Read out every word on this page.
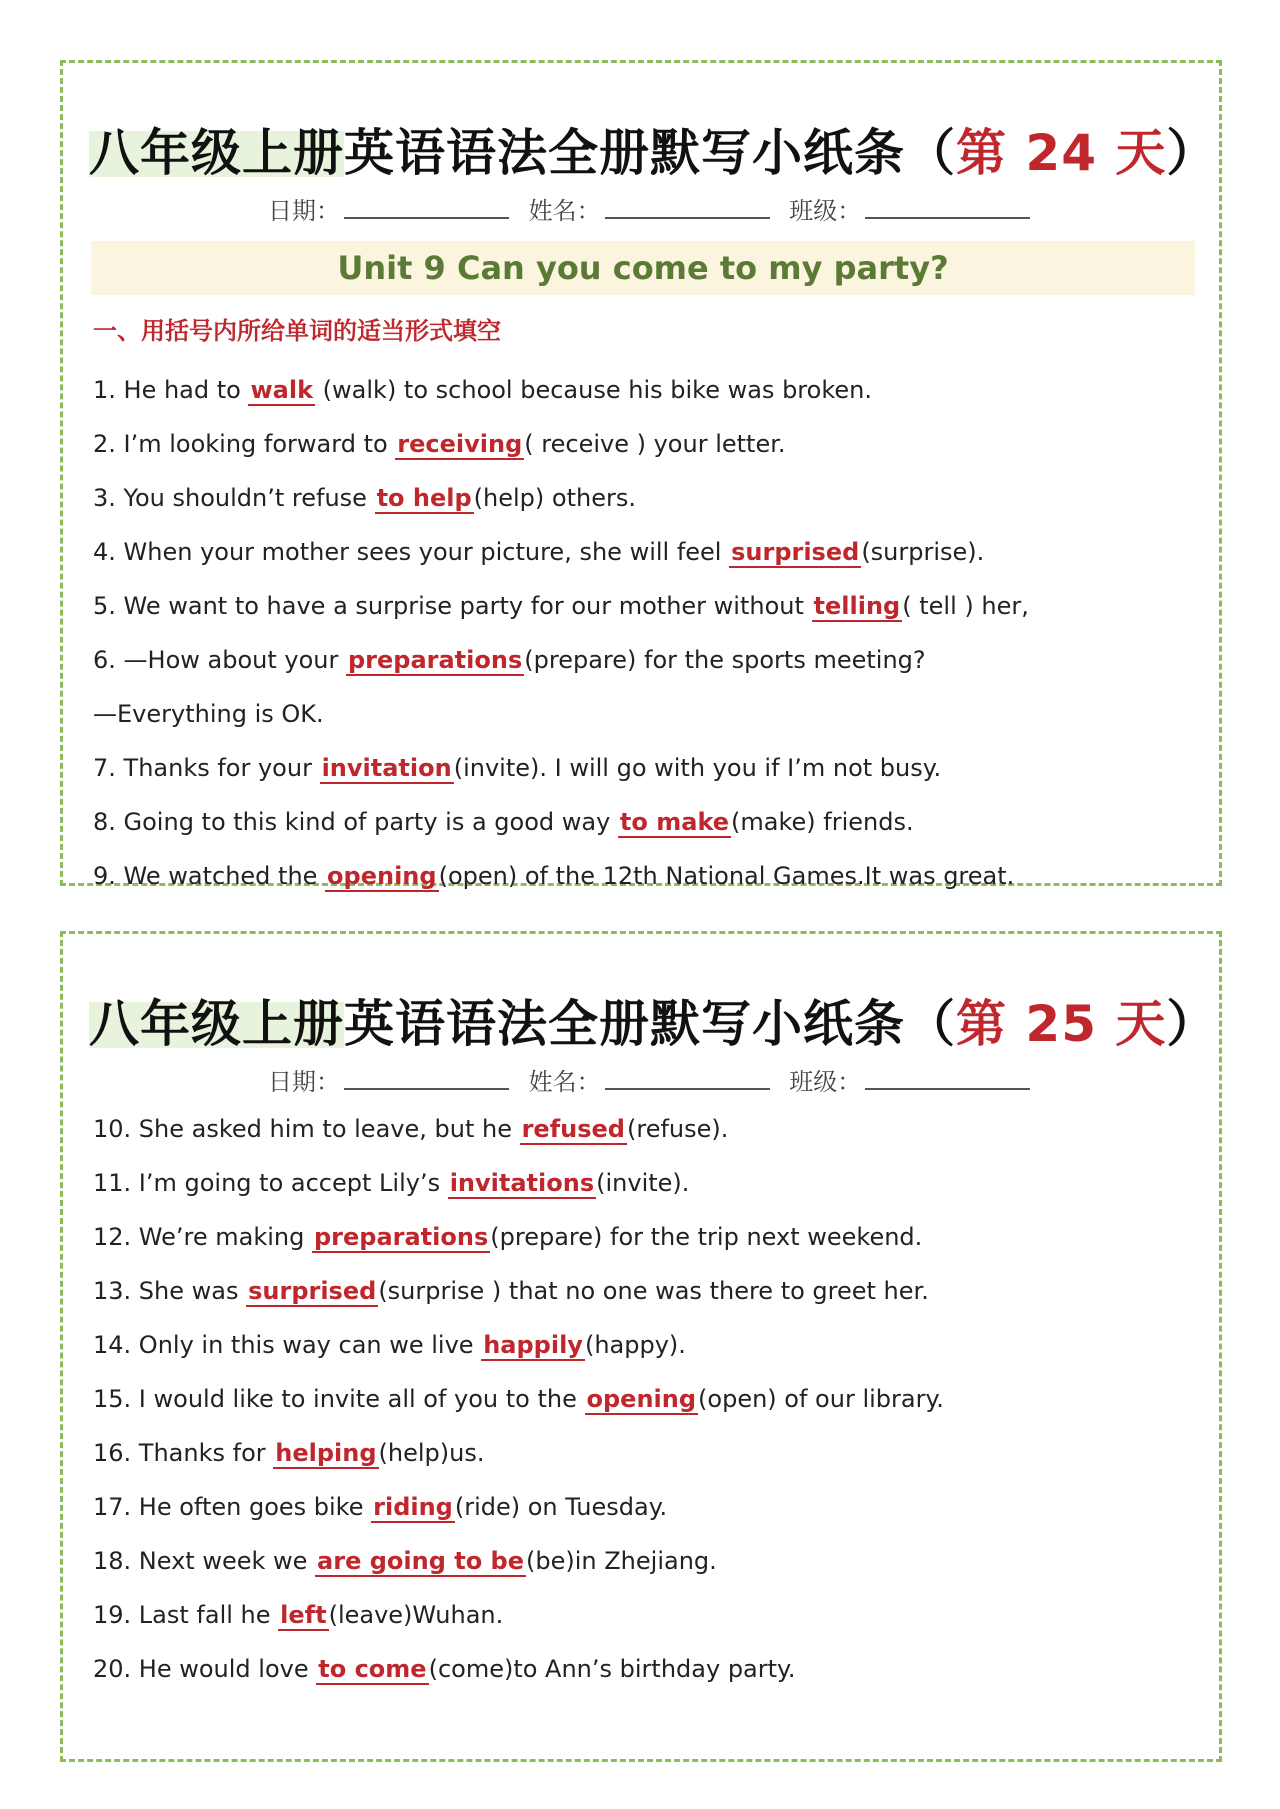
八年级上册英语语法全册默写小纸条（第 24 天）
日期：	姓名：	班级：
Unit 9 Can you come to my party?
一、用括号内所给单词的适当形式填空
1. He had to walk (walk) to school because his bike was broken.
2. I’m looking forward to receiving( receive ) your letter.
3. You shouldn’t refuse to help(help) others.
4. When your mother sees your picture, she will feel surprised(surprise).
5. We want to have a surprise party for our mother without telling( tell ) her,
6. —How about your preparations(prepare) for the sports meeting?
—Everything is OK.
7. Thanks for your invitation(invite). I will go with you if I’m not busy.
8. Going to this kind of party is a good way to make(make) friends.
9. We watched the opening(open) of the 12th National Games.It was great.
八年级上册英语语法全册默写小纸条（第 25 天）
日期：	姓名：	班级：
10. She asked him to leave, but he refused(refuse).
11. I’m going to accept Lily’s invitations(invite).
12. We’re making preparations(prepare) for the trip next weekend.
13. She was surprised(surprise ) that no one was there to greet her.
14. Only in this way can we live happily(happy).
15. I would like to invite all of you to the opening(open) of our library.
16. Thanks for helping(help)us.
17. He often goes bike riding(ride) on Tuesday.
18. Next week we are going to be(be)in Zhejiang.
19. Last fall he left(leave)Wuhan.
20. He would love to come(come)to Ann’s birthday party.
